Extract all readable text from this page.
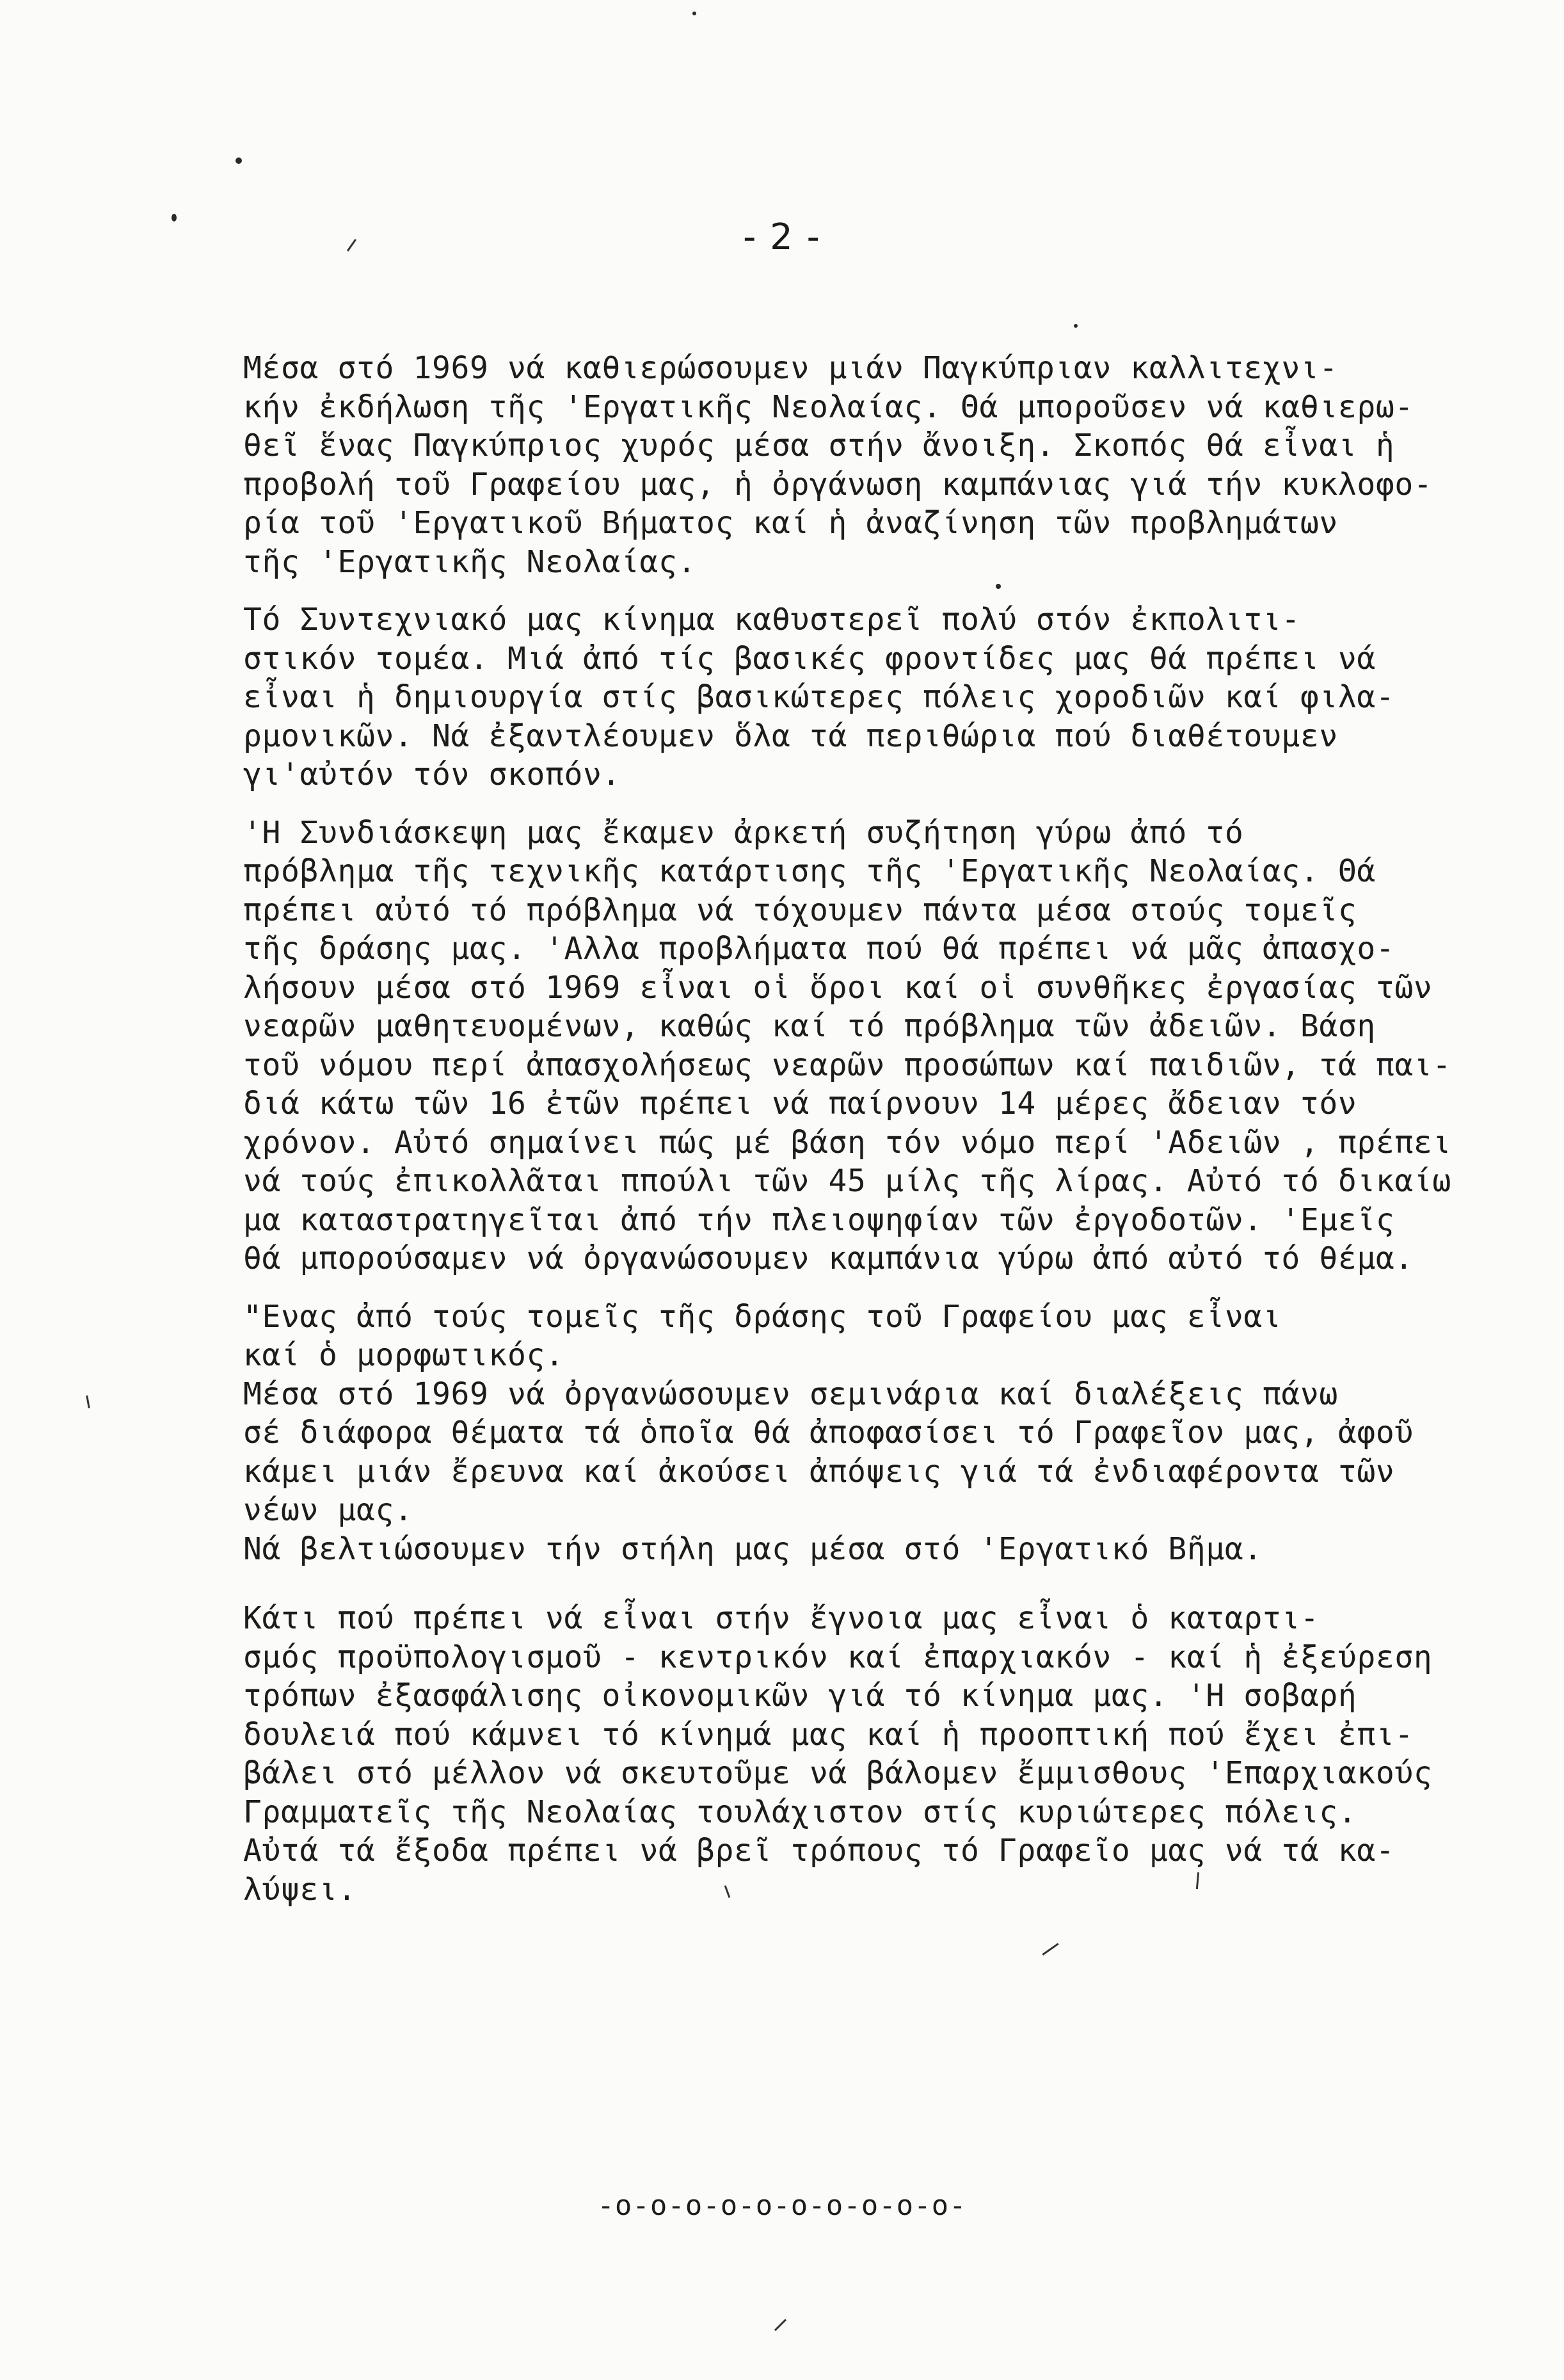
- 2 -
Μέσα στό 1969 νά καθιερώσουμεν μιάν Παγκύπριαν καλλιτεχνι-
κήν ἐκδήλωση τῆς 'Εργατικῆς Νεολαίας. Θά μποροῦσεν νά καθιερω-
θεῖ ἕνας Παγκύπριος χυρός μέσα στήν ἄνοιξη. Σκοπός θά εἶναι ἡ
προβολή τοῦ Γραφείου μας, ἡ ὀργάνωση καμπάνιας γιά τήν κυκλοφο-
ρία τοῦ 'Εργατικοῦ Βήματος καί ἡ ἀναζίνηση τῶν προβλημάτων
τῆς 'Εργατικῆς Νεολαίας.
Τό Συντεχνιακό μας κίνημα καθυστερεῖ πολύ στόν ἐκπολιτι-
στικόν τομέα. Μιά ἀπό τίς βασικές φροντίδες μας θά πρέπει νά
εἶναι ἡ δημιουργία στίς βασικώτερες πόλεις χοροδιῶν καί φιλα-
ρμονικῶν. Νά ἐξαντλέουμεν ὅλα τά περιθώρια πού διαθέτουμεν
γι'αὐτόν τόν σκοπόν.
'Η Συνδιάσκεψη μας ἔκαμεν ἀρκετή συζήτηση γύρω ἀπό τό
πρόβλημα τῆς τεχνικῆς κατάρτισης τῆς 'Εργατικῆς Νεολαίας. Θά
πρέπει αὐτό τό πρόβλημα νά τόχουμεν πάντα μέσα στούς τομεῖς
τῆς δράσης μας. 'Αλλα προβλήματα πού θά πρέπει νά μᾶς ἀπασχο-
λήσουν μέσα στό 1969 εἶναι οἱ ὅροι καί οἱ συνθῆκες ἐργασίας τῶν
νεαρῶν μαθητευομένων, καθώς καί τό πρόβλημα τῶν ἀδειῶν. Βάση
τοῦ νόμου περί ἀπασχολήσεως νεαρῶν προσώπων καί παιδιῶν, τά παι-
διά κάτω τῶν 16 ἐτῶν πρέπει νά παίρνουν 14 μέρες ἄδειαν τόν
χρόνον. Αὐτό σημαίνει πώς μέ βάση τόν νόμο περί 'Αδειῶν , πρέπει
νά τούς ἐπικολλᾶται ππούλι τῶν 45 μίλς τῆς λίρας. Αὐτό τό δικαίω
μα καταστρατηγεῖται ἀπό τήν πλειοψηφίαν τῶν ἐργοδοτῶν. 'Εμεῖς
θά μπορούσαμεν νά ὀργανώσουμεν καμπάνια γύρω ἀπό αὐτό τό θέμα.
"Ενας ἀπό τούς τομεῖς τῆς δράσης τοῦ Γραφείου μας εἶναι
καί ὁ μορφωτικός.
Μέσα στό 1969 νά ὀργανώσουμεν σεμινάρια καί διαλέξεις πάνω
σέ διάφορα θέματα τά ὁποῖα θά ἀποφασίσει τό Γραφεῖον μας, ἀφοῦ
κάμει μιάν ἔρευνα καί ἀκούσει ἀπόψεις γιά τά ἐνδιαφέροντα τῶν
νέων μας.
Νά βελτιώσουμεν τήν στήλη μας μέσα στό 'Εργατικό Βῆμα.
Κάτι πού πρέπει νά εἶναι στήν ἔγνοια μας εἶναι ὁ καταρτι-
σμός προϋπολογισμοῦ - κεντρικόν καί ἐπαρχιακόν - καί ἡ ἐξεύρεση
τρόπων ἐξασφάλισης οἰκονομικῶν γιά τό κίνημα μας. 'Η σοβαρή
δουλειά πού κάμνει τό κίνημά μας καί ἡ προοπτική πού ἔχει ἐπι-
βάλει στό μέλλον νά σκευτοῦμε νά βάλομεν ἔμμισθους 'Επαρχιακούς
Γραμματεῖς τῆς Νεολαίας τουλάχιστον στίς κυριώτερες πόλεις.
Αὐτά τά ἔξοδα πρέπει νά βρεῖ τρόπους τό Γραφεῖο μας νά τά κα-
λύψει.
-o-o-o-o-o-o-o-o-o-o-
